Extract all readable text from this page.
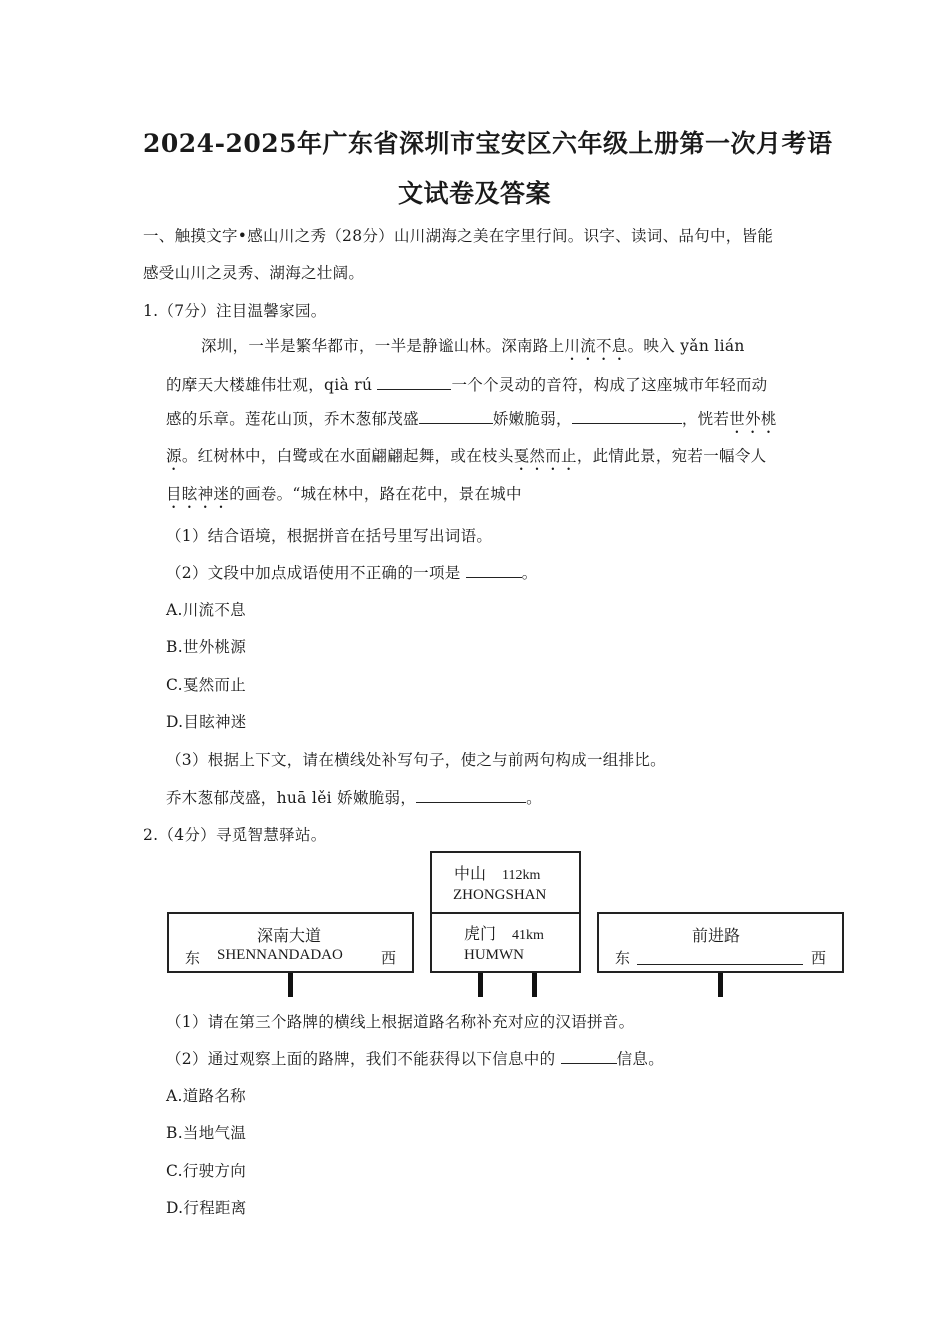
2024-2025年广东省深圳市宝安区六年级上册第一次月考语
文试卷及答案
一、触摸文字•感山川之秀（28分）山川湖海之美在字里行间。识字、读词、品句中，皆能
感受山川之灵秀、湖海之壮阔。
1.（7分）注目温馨家园。
深圳，一半是繁华都市，一半是静谧山林。深南路上川流不息。映入 yǎn lián
的摩天大楼雄伟壮观，qià rú	一个个灵动的音符，构成了这座城市年轻而动
感的乐章。莲花山顶，乔木葱郁茂盛	娇嫩脆弱，	，恍若世外桃
源。红树林中，白鹭或在水面翩翩起舞，或在枝头戛然而止，此情此景，宛若一幅令人
目眩神迷的画卷。“城在林中，路在花中，景在城中
（1）结合语境，根据拼音在括号里写出词语。
（2）文段中加点成语使用不正确的一项是	。
A.川流不息
B.世外桃源
C.戛然而止
D.目眩神迷
（3）根据上下文，请在横线处补写句子，使之与前两句构成一组排比。
乔木葱郁茂盛，huā lěi 娇嫩脆弱，	。
2.（4分）寻觅智慧驿站。
中山 112km
ZHONGSHAN
虎门 41km
HUMWN
深南大道
东 SHENNANDADAO	西
前进路
东	西
（1）请在第三个路牌的横线上根据道路名称补充对应的汉语拼音。
（2）通过观察上面的路牌，我们不能获得以下信息中的	信息。
A.道路名称
B.当地气温
C.行驶方向
D.行程距离
